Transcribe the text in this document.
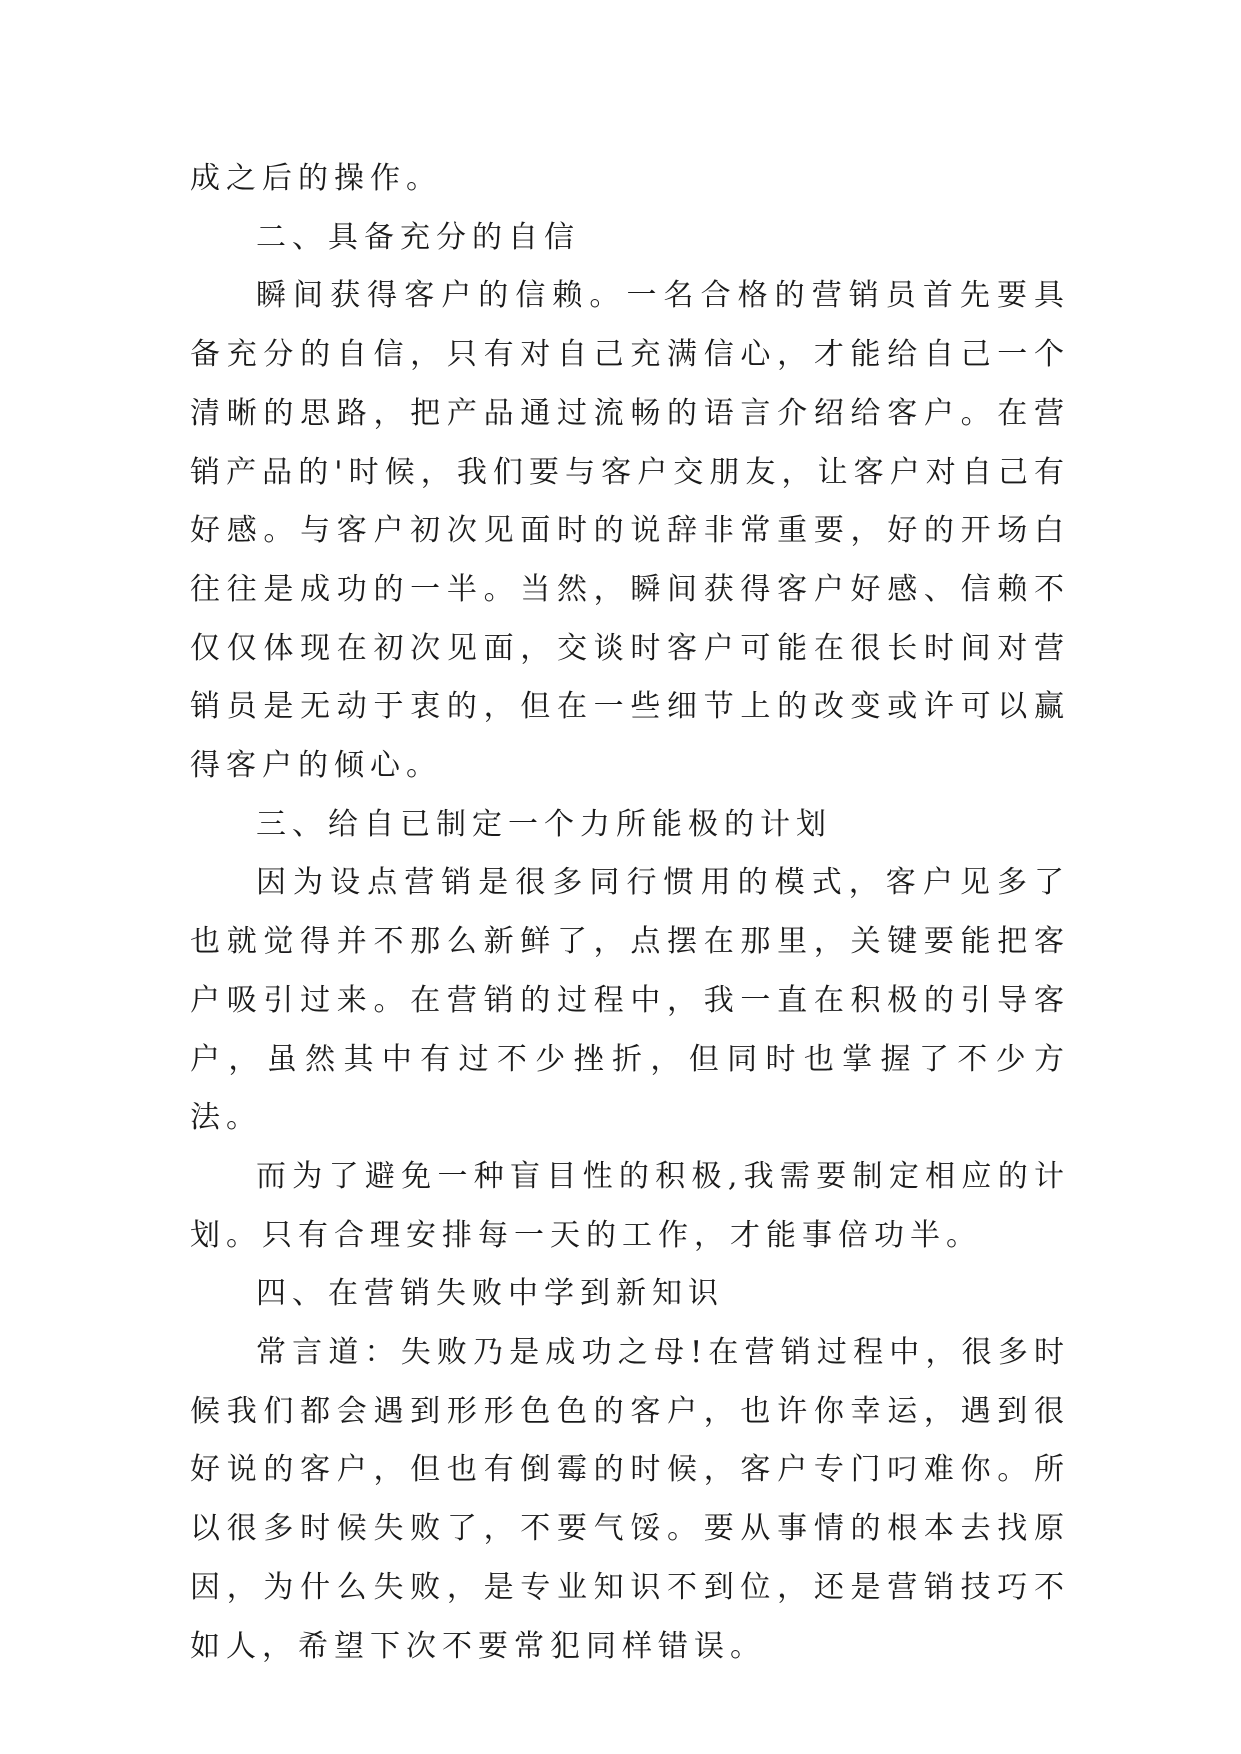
成之后的操作。

二、具备充分的自信

瞬间获得客户的信赖。一名合格的营销员首先要具备充分的自信，只有对自己充满信心，才能给自己一个清晰的思路，把产品通过流畅的语言介绍给客户。在营销产品的'时候，我们要与客户交朋友，让客户对自己有好感。与客户初次见面时的说辞非常重要，好的开场白往往是成功的一半。当然，瞬间获得客户好感、信赖不仅仅体现在初次见面，交谈时客户可能在很长时间对营销员是无动于衷的，但在一些细节上的改变或许可以赢得客户的倾心。

三、给自已制定一个力所能极的计划

因为设点营销是很多同行惯用的模式，客户见多了也就觉得并不那么新鲜了，点摆在那里，关键要能把客户吸引过来。在营销的过程中，我一直在积极的引导客户，虽然其中有过不少挫折，但同时也掌握了不少方法。

而为了避免一种盲目性的积极,我需要制定相应的计划。只有合理安排每一天的工作，才能事倍功半。

四、在营销失败中学到新知识

常言道：失败乃是成功之母!在营销过程中，很多时候我们都会遇到形形色色的客户，也许你幸运，遇到很好说的客户，但也有倒霉的时候，客户专门叼难你。所以很多时候失败了，不要气馁。要从事情的根本去找原因，为什么失败，是专业知识不到位，还是营销技巧不如人，希望下次不要常犯同样错误。
